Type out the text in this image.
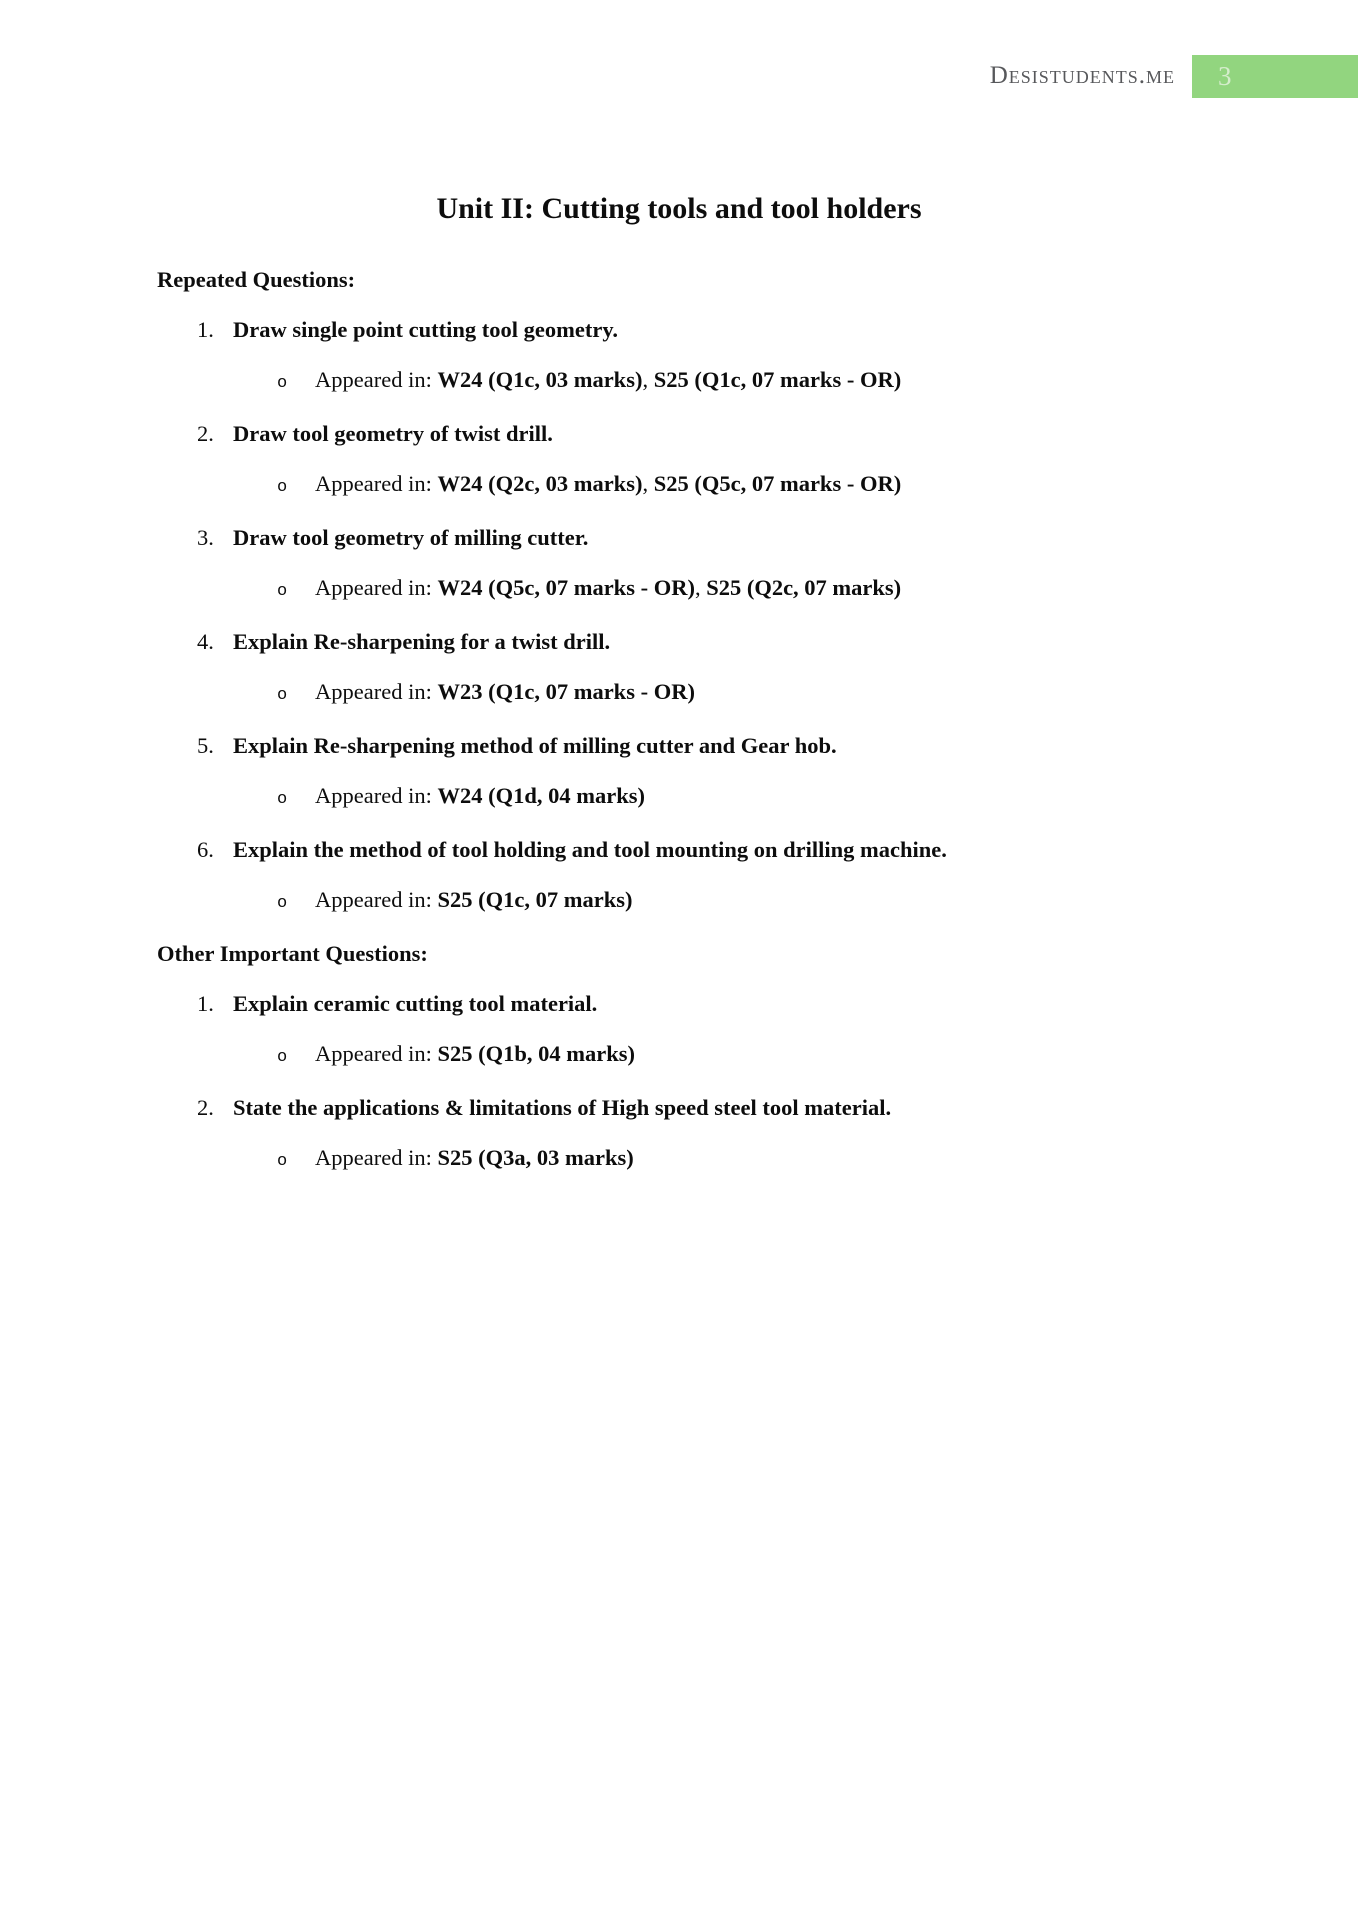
Desistudents.me 3
Unit II: Cutting tools and tool holders
Repeated Questions:
1. Draw single point cutting tool geometry.
o Appeared in: W24 (Q1c, 03 marks), S25 (Q1c, 07 marks - OR)
2. Draw tool geometry of twist drill.
o Appeared in: W24 (Q2c, 03 marks), S25 (Q5c, 07 marks - OR)
3. Draw tool geometry of milling cutter.
o Appeared in: W24 (Q5c, 07 marks - OR), S25 (Q2c, 07 marks)
4. Explain Re-sharpening for a twist drill.
o Appeared in: W23 (Q1c, 07 marks - OR)
5. Explain Re-sharpening method of milling cutter and Gear hob.
o Appeared in: W24 (Q1d, 04 marks)
6. Explain the method of tool holding and tool mounting on drilling machine.
o Appeared in: S25 (Q1c, 07 marks)
Other Important Questions:
1. Explain ceramic cutting tool material.
o Appeared in: S25 (Q1b, 04 marks)
2. State the applications & limitations of High speed steel tool material.
o Appeared in: S25 (Q3a, 03 marks)
